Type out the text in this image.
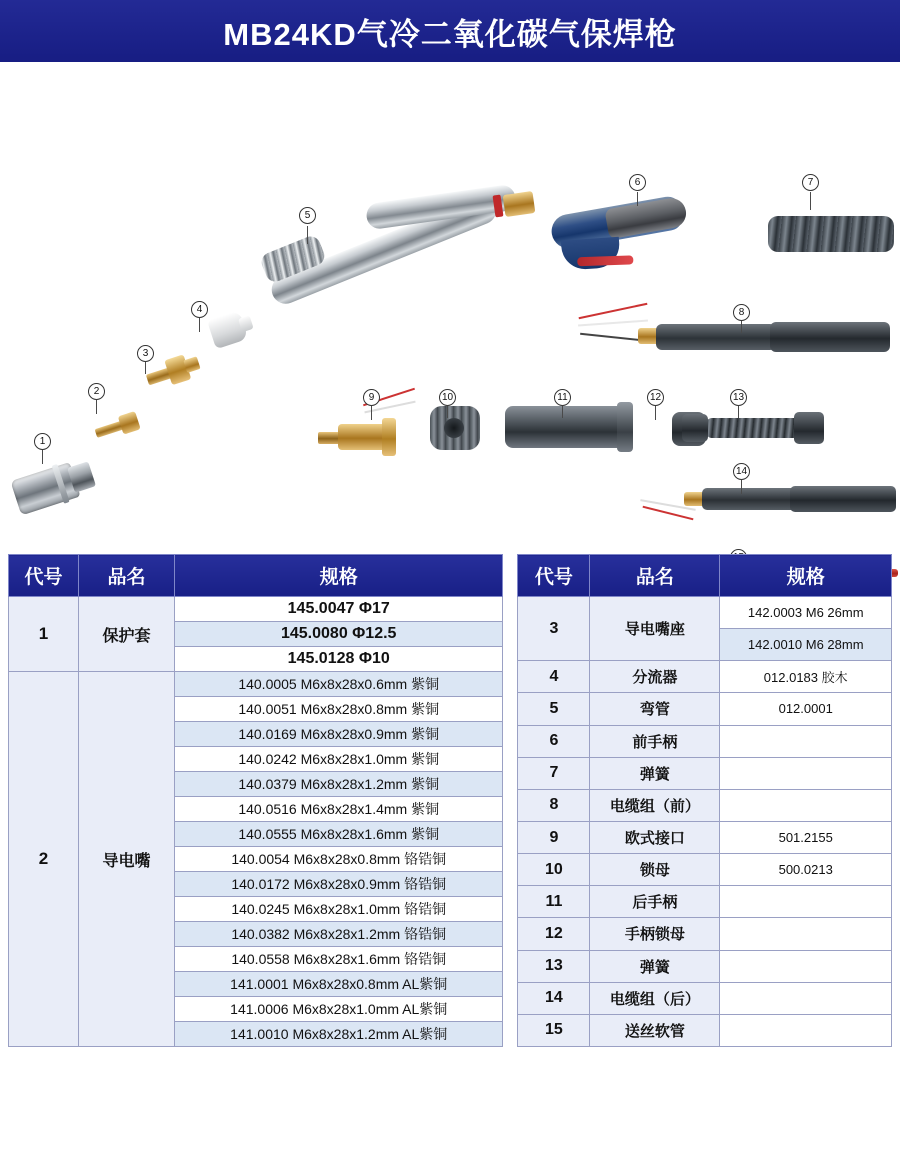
MB24KD气冷二氧化碳气保焊枪
1
2
3
4
5
6	7
8
9	10	11	12	13
14
代号	品名	规格
1	保护套	145.0047 Φ17
		145.0080 Φ12.5
		145.0128 Φ10
2	导电嘴	140.0005 M6x8x28x0.6mm 紫铜
		140.0051 M6x8x28x0.8mm 紫铜
		140.0169 M6x8x28x0.9mm 紫铜
		140.0242 M6x8x28x1.0mm 紫铜
		140.0379 M6x8x28x1.2mm 紫铜
		140.0516 M6x8x28x1.4mm 紫铜
		140.0555 M6x8x28x1.6mm 紫铜
		140.0054 M6x8x28x0.8mm 铬锆铜
		140.0172 M6x8x28x0.9mm 铬锆铜
		140.0245 M6x8x28x1.0mm 铬锆铜
		140.0382 M6x8x28x1.2mm 铬锆铜
		140.0558 M6x8x28x1.6mm 铬锆铜
		141.0001 M6x8x28x0.8mm AL紫铜
		141.0006 M6x8x28x1.0mm AL紫铜
		141.0010 M6x8x28x1.2mm AL紫铜
代号	品名	规格
3	导电嘴座	142.0003 M6 26mm
		142.0010 M6 28mm
4	分流器	012.0183 胶木
5	弯管	012.0001
6	前手柄	
7	弹簧	
8	电缆组（前）	
9	欧式接口	501.2155
10	锁母	500.0213
11	后手柄	
12	手柄锁母	
13	弹簧	
14	电缆组（后）	
15	送丝软管	
